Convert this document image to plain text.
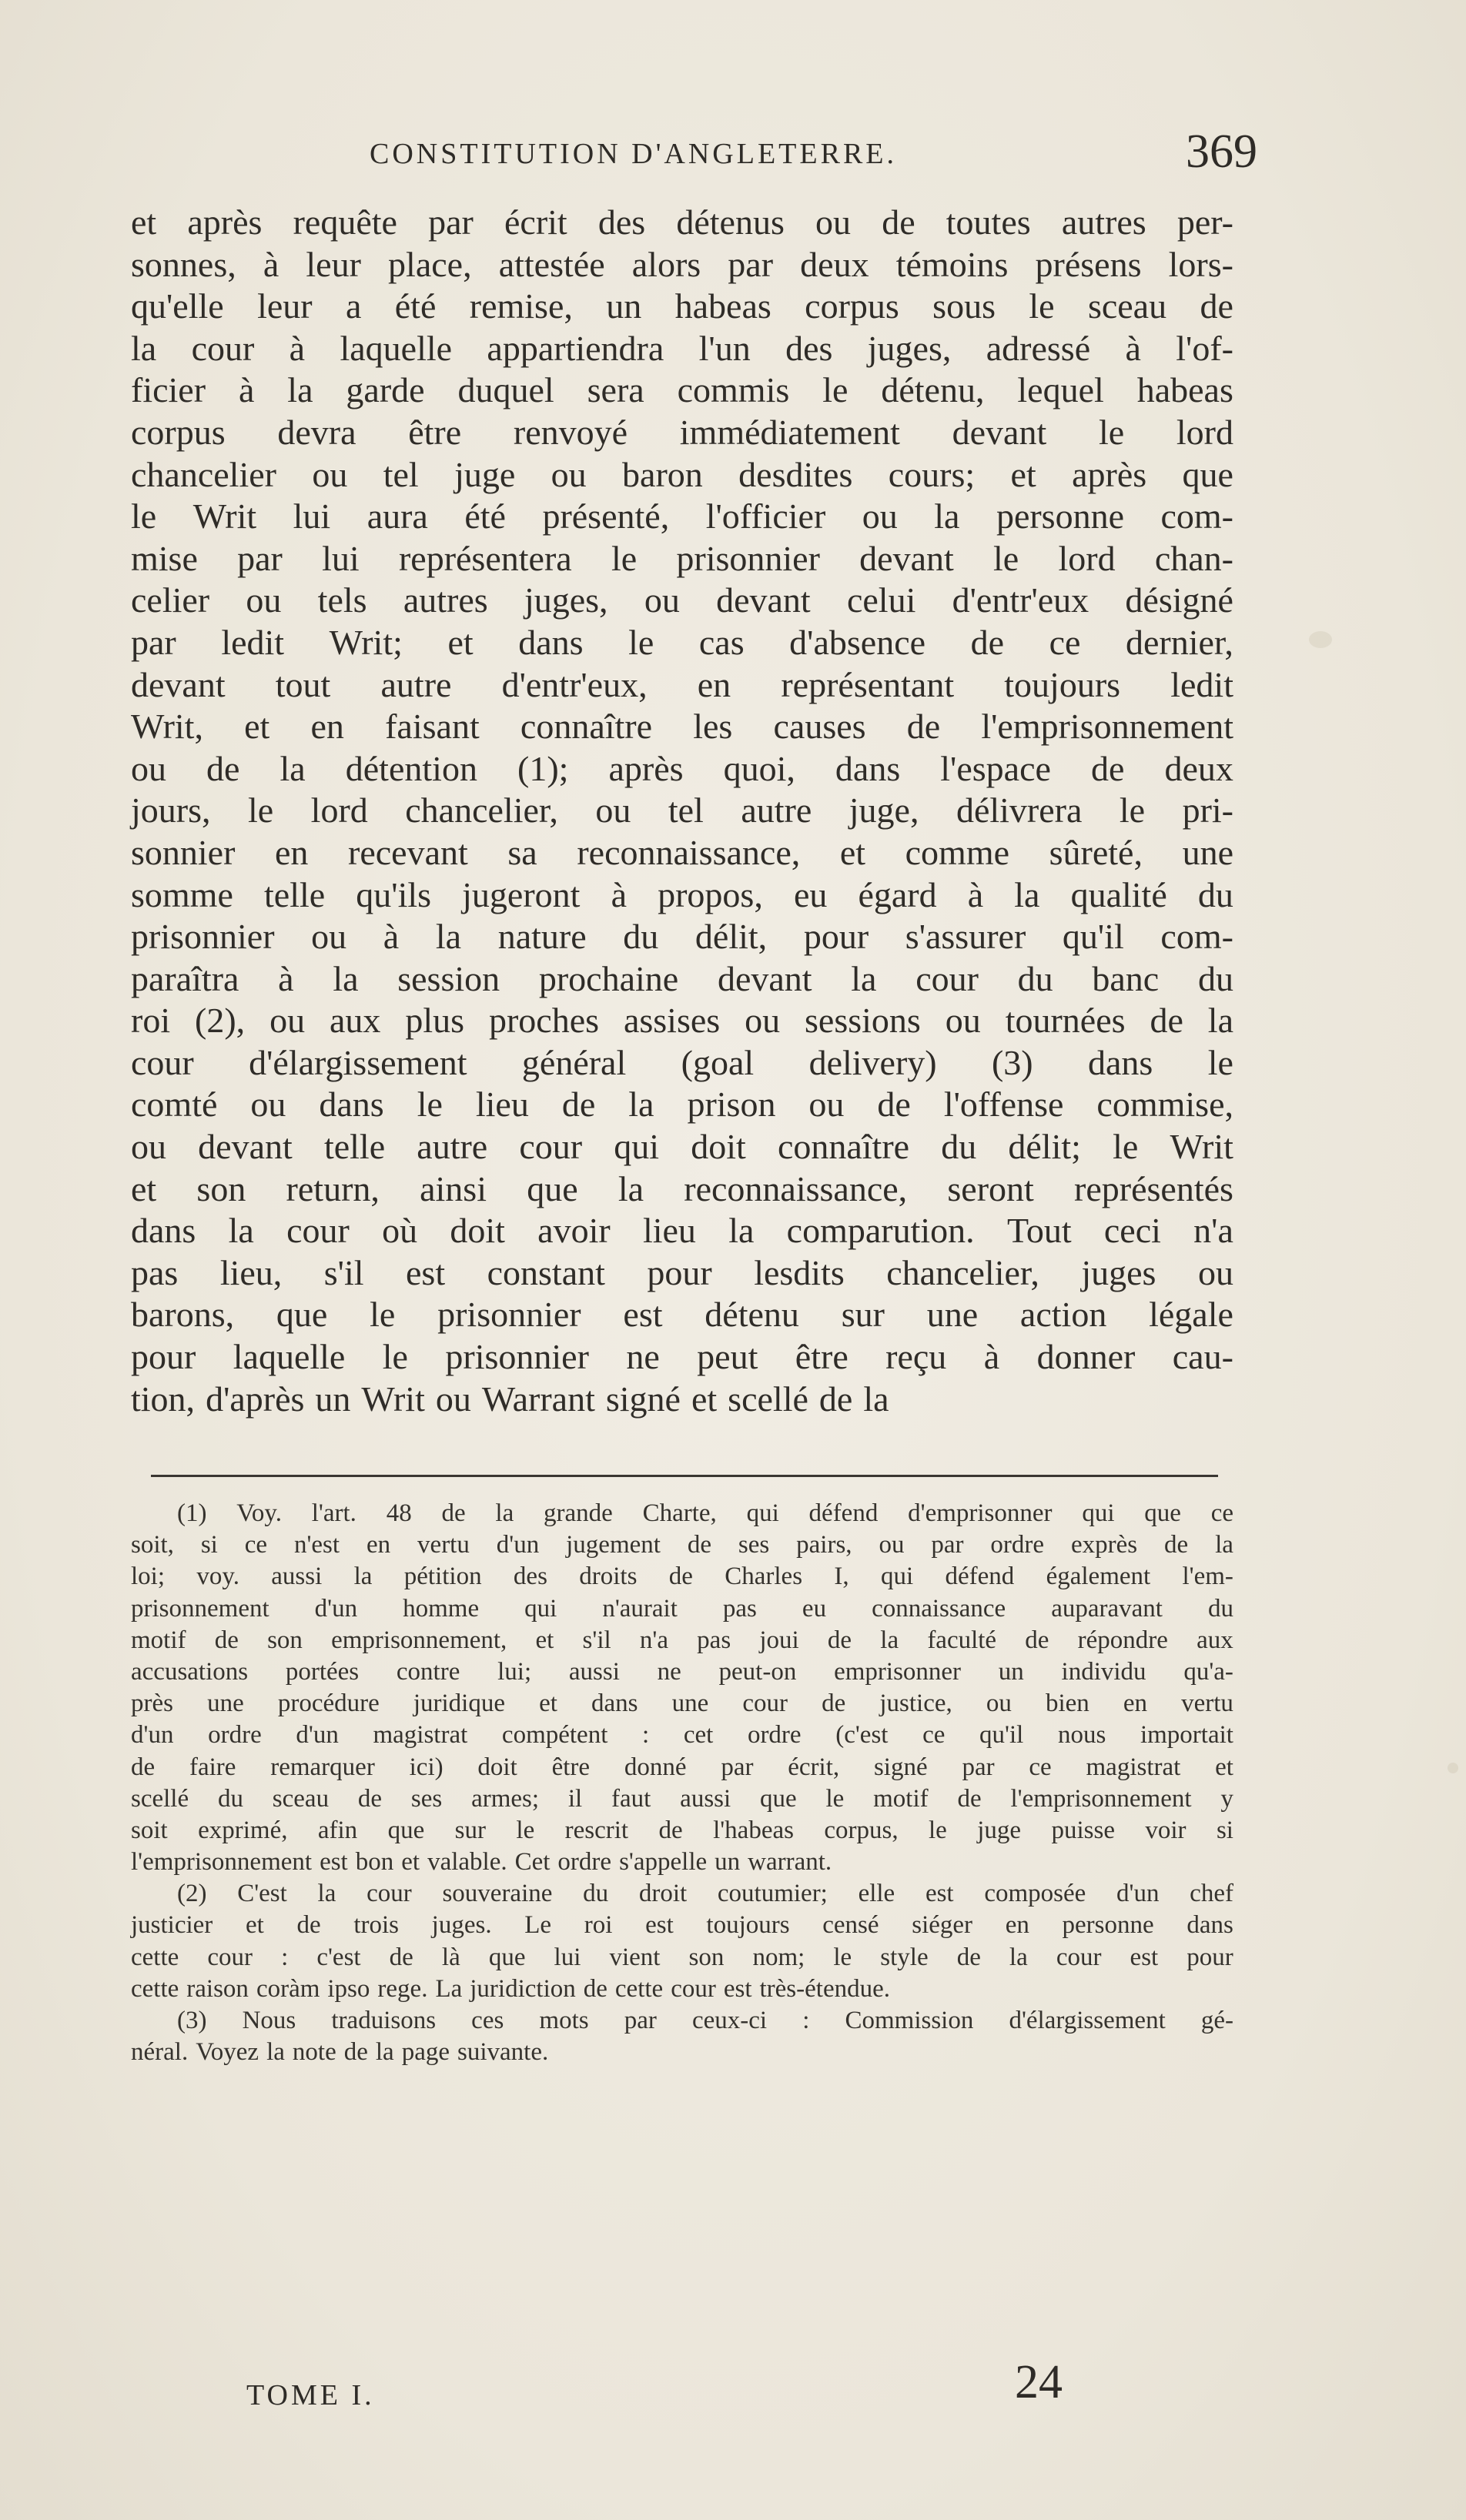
CONSTITUTION D'ANGLETERRE.	369
et après requête par écrit des détenus ou de toutes autres per-
sonnes, à leur place, attestée alors par deux témoins présens lors-
qu'elle leur a été remise, un habeas corpus sous le sceau de
la cour à laquelle appartiendra l'un des juges, adressé à l'of-
ficier à la garde duquel sera commis le détenu, lequel habeas
corpus devra être renvoyé immédiatement devant le lord
chancelier ou tel juge ou baron desdites cours; et après que
le Writ lui aura été présenté, l'officier ou la personne com-
mise par lui représentera le prisonnier devant le lord chan-
celier ou tels autres juges, ou devant celui d'entr'eux désigné
par ledit Writ; et dans le cas d'absence de ce dernier,
devant tout autre d'entr'eux, en représentant toujours ledit
Writ, et en faisant connaître les causes de l'emprisonnement
ou de la détention (1); après quoi, dans l'espace de deux
jours, le lord chancelier, ou tel autre juge, délivrera le pri-
sonnier en recevant sa reconnaissance, et comme sûreté, une
somme telle qu'ils jugeront à propos, eu égard à la qualité du
prisonnier ou à la nature du délit, pour s'assurer qu'il com-
paraîtra à la session prochaine devant la cour du banc du
roi (2), ou aux plus proches assises ou sessions ou tournées de la
cour d'élargissement général (goal delivery) (3) dans le
comté ou dans le lieu de la prison ou de l'offense commise,
ou devant telle autre cour qui doit connaître du délit; le Writ
et son return, ainsi que la reconnaissance, seront représentés
dans la cour où doit avoir lieu la comparution. Tout ceci n'a
pas lieu, s'il est constant pour lesdits chancelier, juges ou
barons, que le prisonnier est détenu sur une action légale
pour laquelle le prisonnier ne peut être reçu à donner cau-
tion, d'après un Writ ou Warrant signé et scellé de la
(1) Voy. l'art. 48 de la grande Charte, qui défend d'emprisonner qui que ce
soit, si ce n'est en vertu d'un jugement de ses pairs, ou par ordre exprès de la
loi; voy. aussi la pétition des droits de Charles I, qui défend également l'em-
prisonnement d'un homme qui n'aurait pas eu connaissance auparavant du
motif de son emprisonnement, et s'il n'a pas joui de la faculté de répondre aux
accusations portées contre lui; aussi ne peut-on emprisonner un individu qu'a-
près une procédure juridique et dans une cour de justice, ou bien en vertu
d'un ordre d'un magistrat compétent : cet ordre (c'est ce qu'il nous importait
de faire remarquer ici) doit être donné par écrit, signé par ce magistrat et
scellé du sceau de ses armes; il faut aussi que le motif de l'emprisonnement y
soit exprimé, afin que sur le rescrit de l'habeas corpus, le juge puisse voir si
l'emprisonnement est bon et valable. Cet ordre s'appelle un warrant.
(2) C'est la cour souveraine du droit coutumier; elle est composée d'un chef
justicier et de trois juges. Le roi est toujours censé siéger en personne dans
cette cour : c'est de là que lui vient son nom; le style de la cour est pour
cette raison coràm ipso rege. La juridiction de cette cour est très-étendue.
(3) Nous traduisons ces mots par ceux-ci : Commission d'élargissement gé-
néral. Voyez la note de la page suivante.
TOME I.	24
